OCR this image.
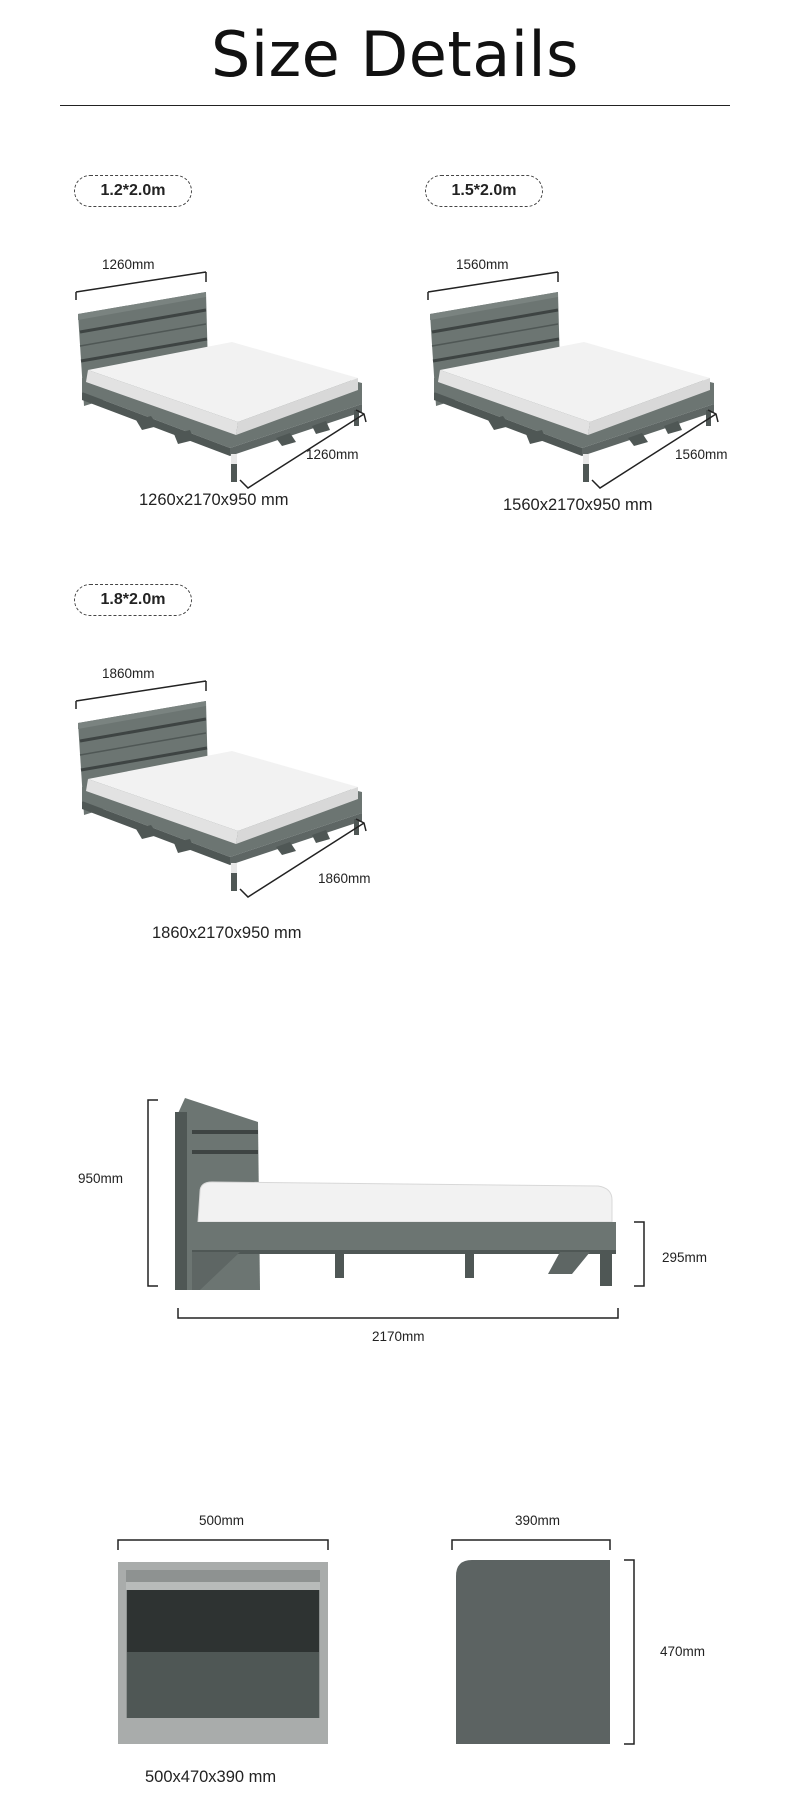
Size Details
1.2*2.0m
1260mm
1260mm
1260x2170x950 mm
1.5*2.0m
1560mm
1560mm
1560x2170x950 mm
1.8*2.0m
1860mm
1860mm
1860x2170x950 mm
950mm
295mm
2170mm
500mm	390mm
470mm
500x470x390 mm
